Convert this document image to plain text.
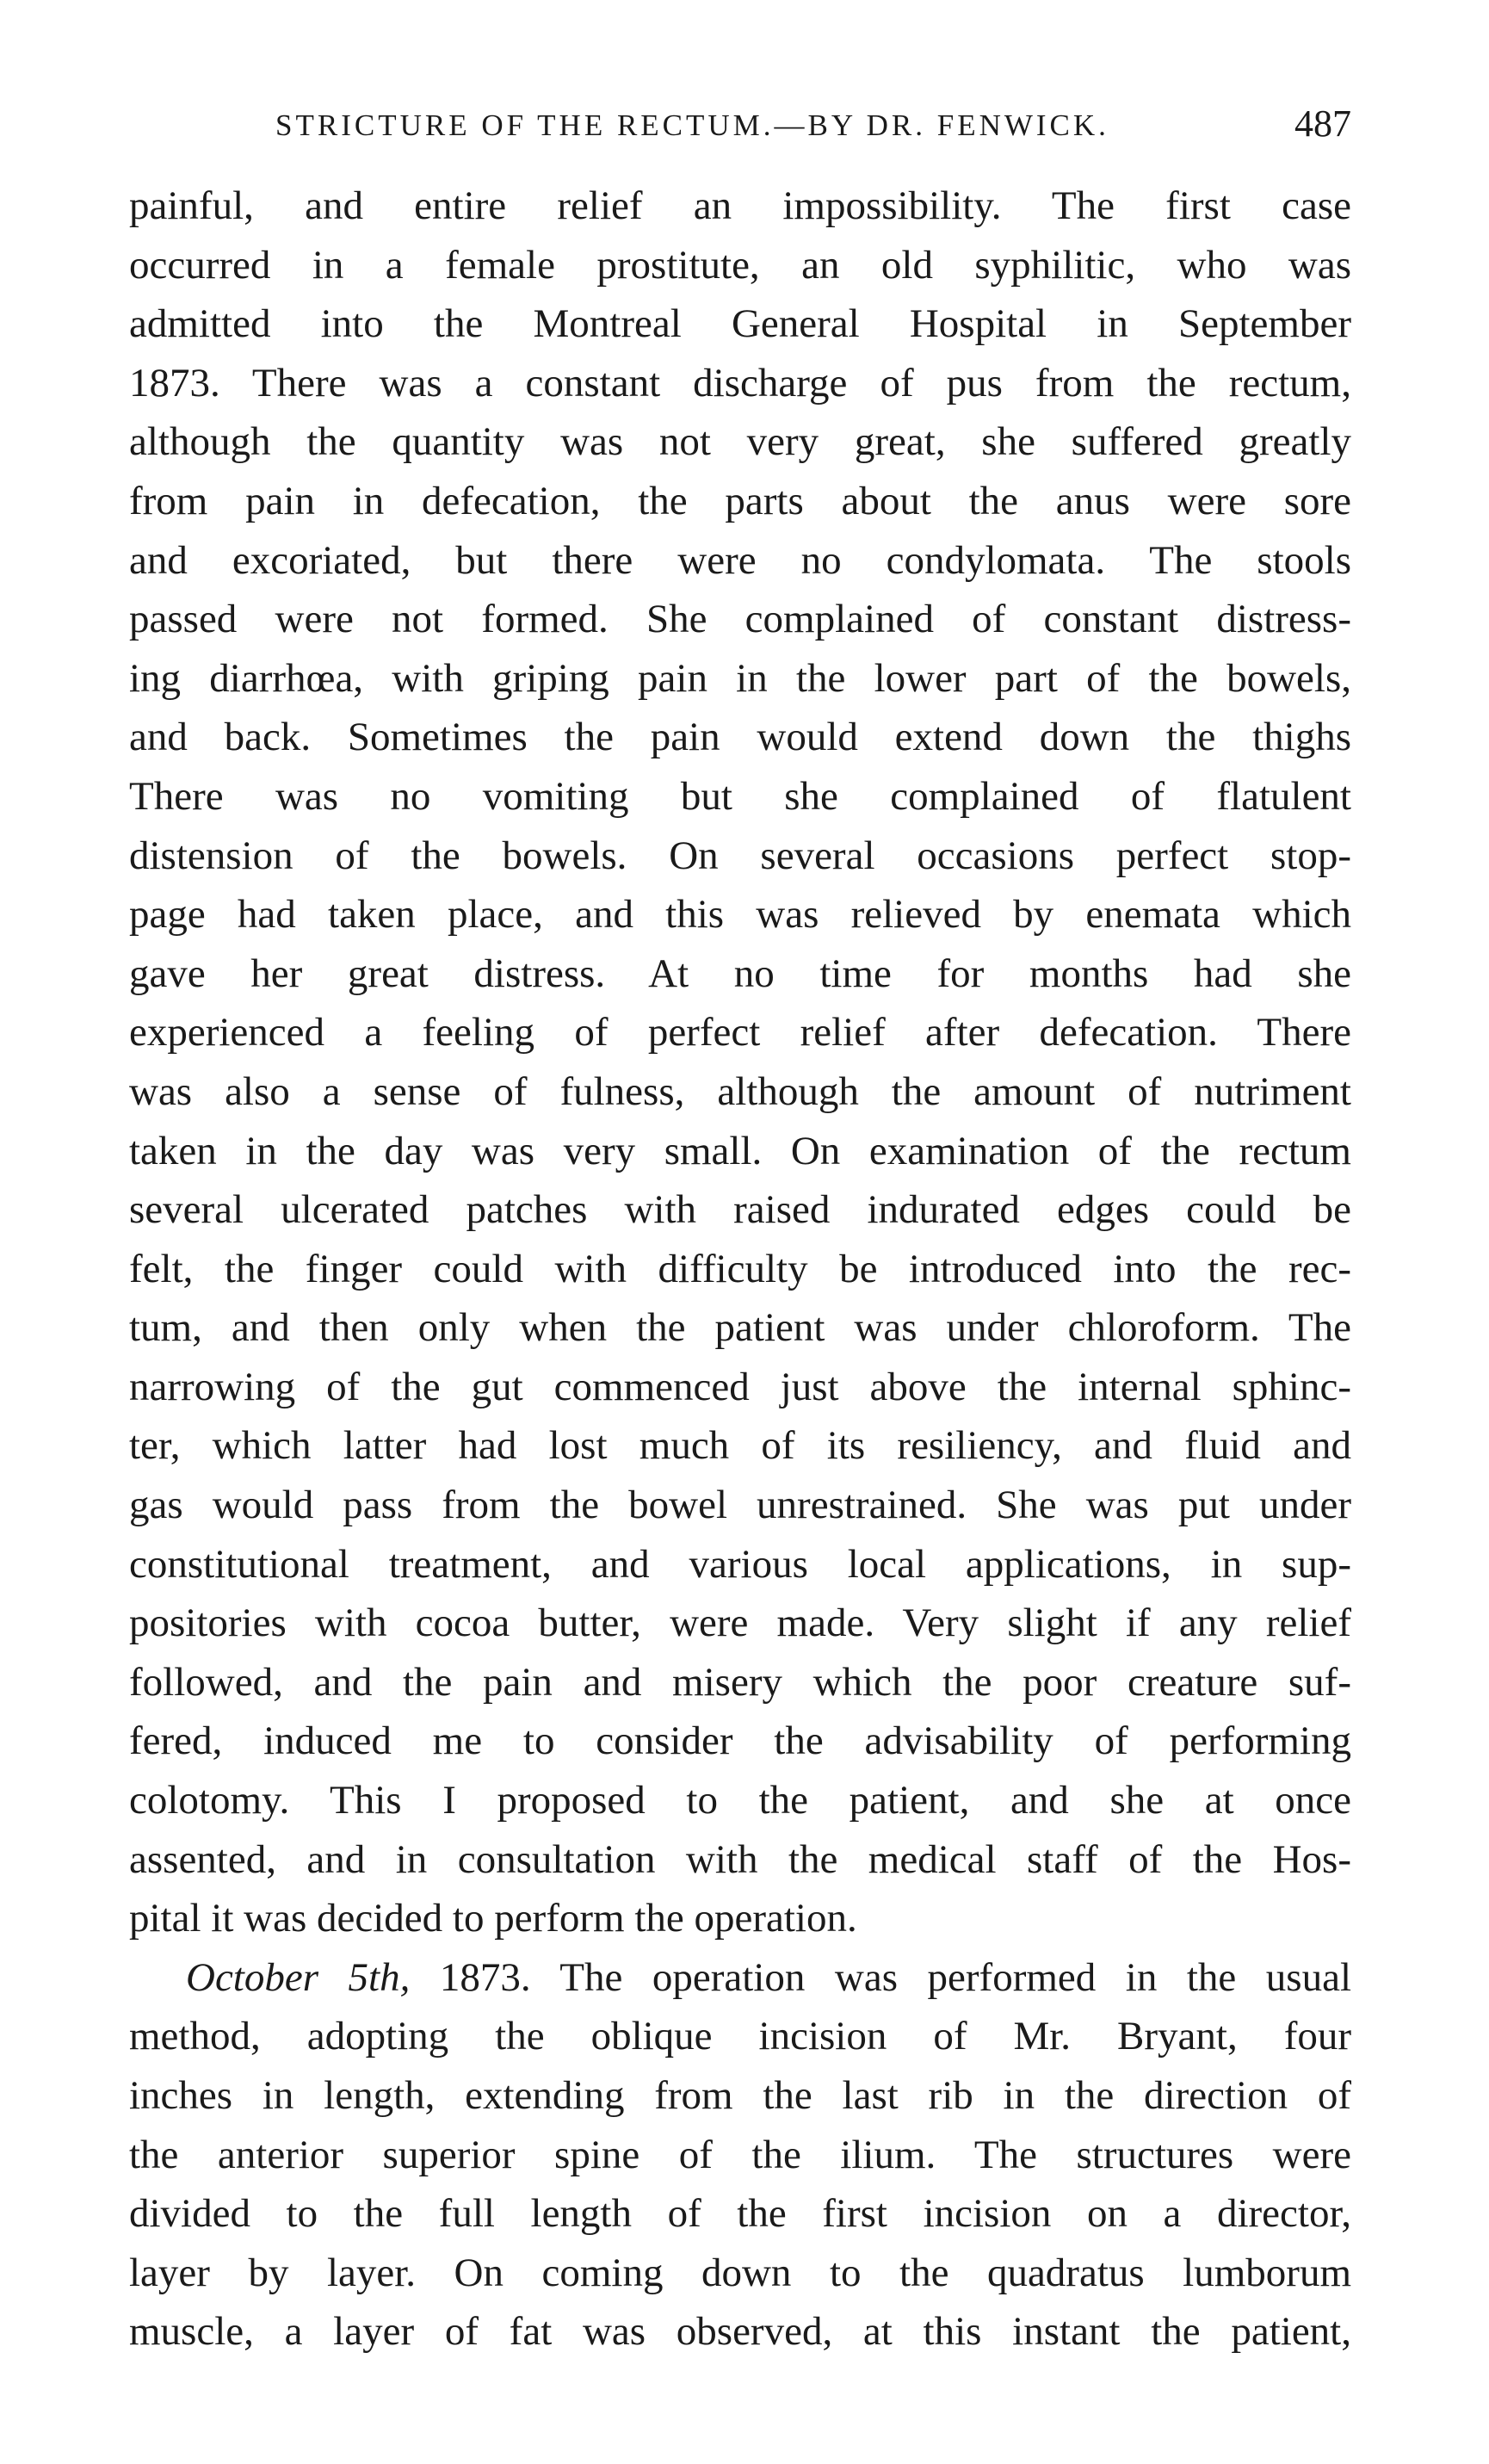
STRICTURE OF THE RECTUM.—BY DR. FENWICK.	487
painful, and entire relief an impossibility. The first case
occurred in a female prostitute, an old syphilitic, who was
admitted into the Montreal General Hospital in September
1873. There was a constant discharge of pus from the rectum,
although the quantity was not very great, she suffered greatly
from pain in defecation, the parts about the anus were sore
and excoriated, but there were no condylomata. The stools
passed were not formed. She complained of constant distress-
ing diarrhœa, with griping pain in the lower part of the bowels,
and back. Sometimes the pain would extend down the thighs
There was no vomiting but she complained of flatulent
distension of the bowels. On several occasions perfect stop-
page had taken place, and this was relieved by enemata which
gave her great distress. At no time for months had she
experienced a feeling of perfect relief after defecation. There
was also a sense of fulness, although the amount of nutriment
taken in the day was very small. On examination of the rectum
several ulcerated patches with raised indurated edges could be
felt, the finger could with difficulty be introduced into the rec-
tum, and then only when the patient was under chloroform. The
narrowing of the gut commenced just above the internal sphinc-
ter, which latter had lost much of its resiliency, and fluid and
gas would pass from the bowel unrestrained. She was put under
constitutional treatment, and various local applications, in sup-
positories with cocoa butter, were made. Very slight if any relief
followed, and the pain and misery which the poor creature suf-
fered, induced me to consider the advisability of performing
colotomy. This I proposed to the patient, and she at once
assented, and in consultation with the medical staff of the Hos-
pital it was decided to perform the operation.
October 5th, 1873. The operation was performed in the usual
method, adopting the oblique incision of Mr. Bryant, four
inches in length, extending from the last rib in the direction of
the anterior superior spine of the ilium. The structures were
divided to the full length of the first incision on a director,
layer by layer. On coming down to the quadratus lumborum
muscle, a layer of fat was observed, at this instant the patient,
